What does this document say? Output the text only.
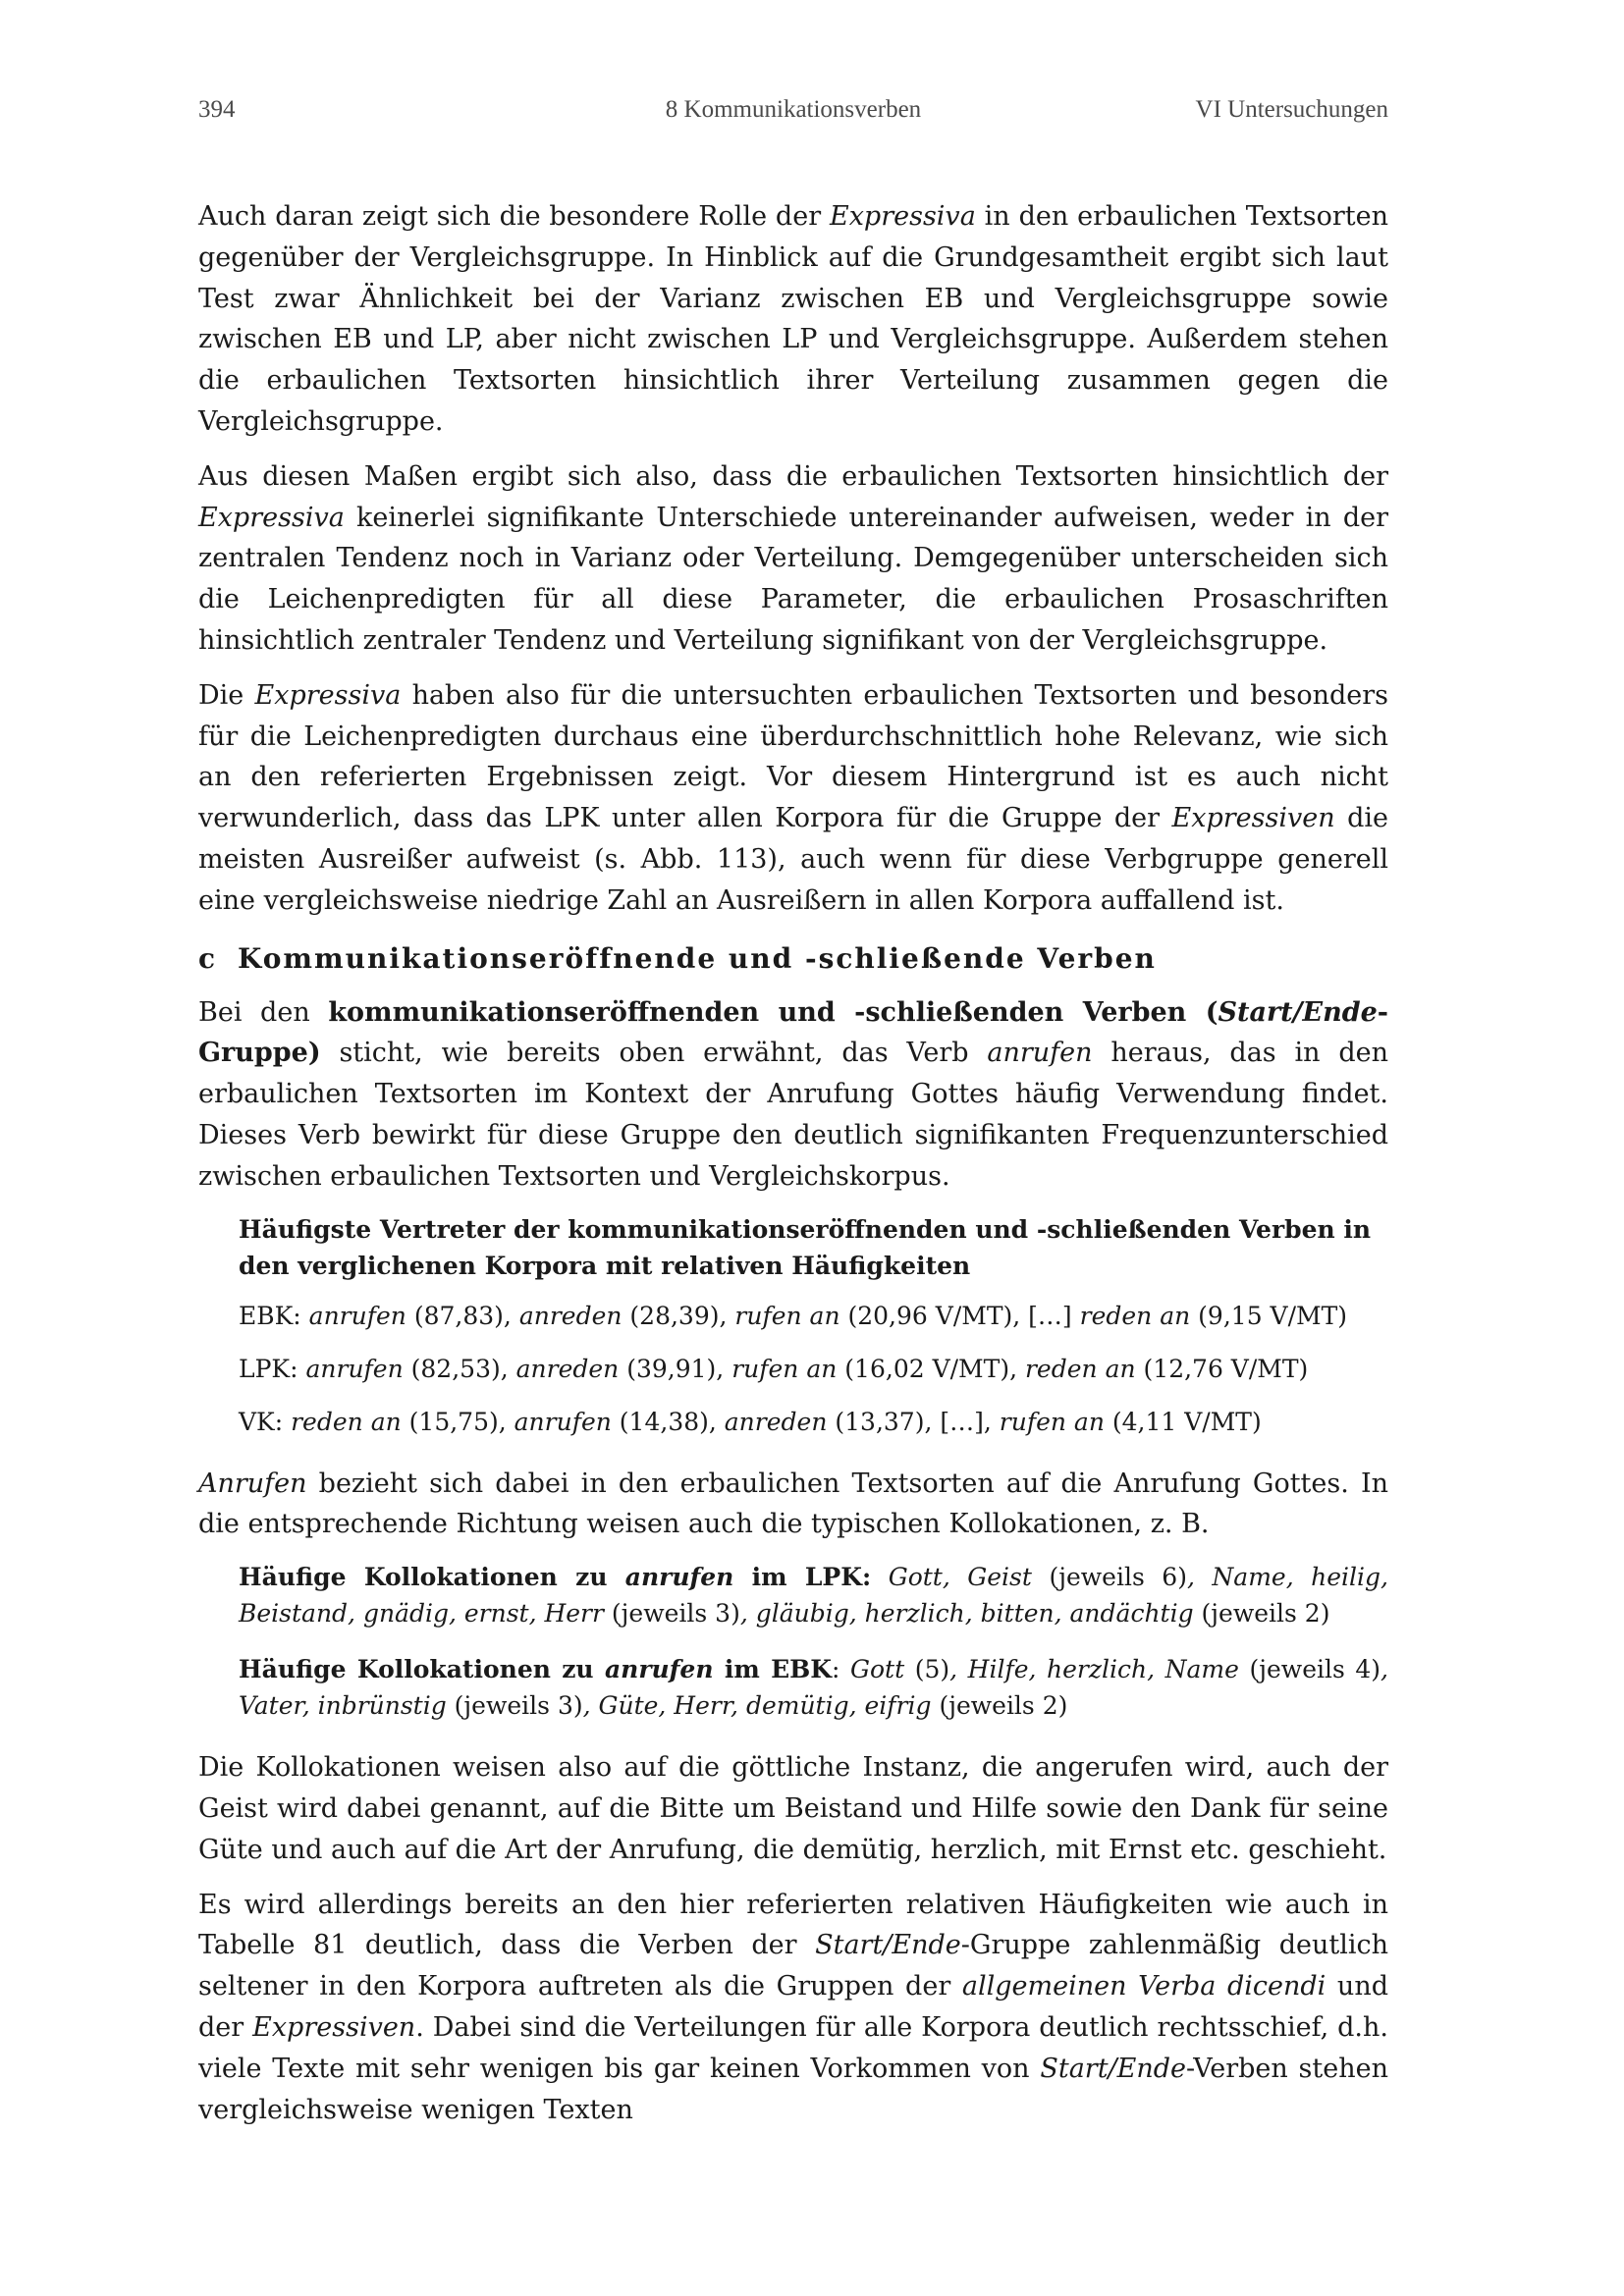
394	8 Kommunikationsverben	VI Untersuchungen

Auch daran zeigt sich die besondere Rolle der Expressiva in den erbaulichen Textsorten gegenüber der Vergleichsgruppe. In Hinblick auf die Grundgesamtheit ergibt sich laut Test zwar Ähnlichkeit bei der Varianz zwischen EB und Vergleichsgruppe sowie zwischen EB und LP, aber nicht zwischen LP und Vergleichsgruppe. Außerdem stehen die erbaulichen Textsorten hinsichtlich ihrer Verteilung zusammen gegen die Vergleichsgruppe.

Aus diesen Maßen ergibt sich also, dass die erbaulichen Textsorten hinsichtlich der Expressiva keinerlei signifikante Unterschiede untereinander aufweisen, weder in der zentralen Tendenz noch in Varianz oder Verteilung. Demgegenüber unterscheiden sich die Leichenpredigten für all diese Parameter, die erbaulichen Prosaschriften hinsichtlich zentraler Tendenz und Verteilung signifikant von der Vergleichsgruppe.

Die Expressiva haben also für die untersuchten erbaulichen Textsorten und besonders für die Leichenpredigten durchaus eine überdurchschnittlich hohe Relevanz, wie sich an den referierten Ergebnissen zeigt. Vor diesem Hintergrund ist es auch nicht verwunderlich, dass das LPK unter allen Korpora für die Gruppe der Expressiven die meisten Ausreißer aufweist (s. Abb. 113), auch wenn für diese Verbgruppe generell eine vergleichsweise niedrige Zahl an Ausreißern in allen Korpora auffallend ist.

c Kommunikationseröffnende und -schließende Verben

Bei den kommunikationseröffnenden und -schließenden Verben (Start/Ende-Gruppe) sticht, wie bereits oben erwähnt, das Verb anrufen heraus, das in den erbaulichen Textsorten im Kontext der Anrufung Gottes häufig Verwendung findet. Dieses Verb bewirkt für diese Gruppe den deutlich signifikanten Frequenzunterschied zwischen erbaulichen Textsorten und Vergleichskorpus.

Häufigste Vertreter der kommunikationseröffnenden und -schließenden Verben in den verglichenen Korpora mit relativen Häufigkeiten
EBK: anrufen (87,83), anreden (28,39), rufen an (20,96 V/MT), […] reden an (9,15 V/MT)
LPK: anrufen (82,53), anreden (39,91), rufen an (16,02 V/MT), reden an (12,76 V/MT)
VK: reden an (15,75), anrufen (14,38), anreden (13,37), […], rufen an (4,11 V/MT)

Anrufen bezieht sich dabei in den erbaulichen Textsorten auf die Anrufung Gottes. In die entsprechende Richtung weisen auch die typischen Kollokationen, z. B.

Häufige Kollokationen zu anrufen im LPK: Gott, Geist (jeweils 6), Name, heilig, Beistand, gnädig, ernst, Herr (jeweils 3), gläubig, herzlich, bitten, andächtig (jeweils 2)
Häufige Kollokationen zu anrufen im EBK: Gott (5), Hilfe, herzlich, Name (jeweils 4), Vater, inbrünstig (jeweils 3), Güte, Herr, demütig, eifrig (jeweils 2)

Die Kollokationen weisen also auf die göttliche Instanz, die angerufen wird, auch der Geist wird dabei genannt, auf die Bitte um Beistand und Hilfe sowie den Dank für seine Güte und auch auf die Art der Anrufung, die demütig, herzlich, mit Ernst etc. geschieht.

Es wird allerdings bereits an den hier referierten relativen Häufigkeiten wie auch in Tabelle 81 deutlich, dass die Verben der Start/Ende-Gruppe zahlenmäßig deutlich seltener in den Korpora auftreten als die Gruppen der allgemeinen Verba dicendi und der Expressiven. Dabei sind die Verteilungen für alle Korpora deutlich rechtsschief, d.h. viele Texte mit sehr wenigen bis gar keinen Vorkommen von Start/Ende-Verben stehen vergleichsweise wenigen Texten
